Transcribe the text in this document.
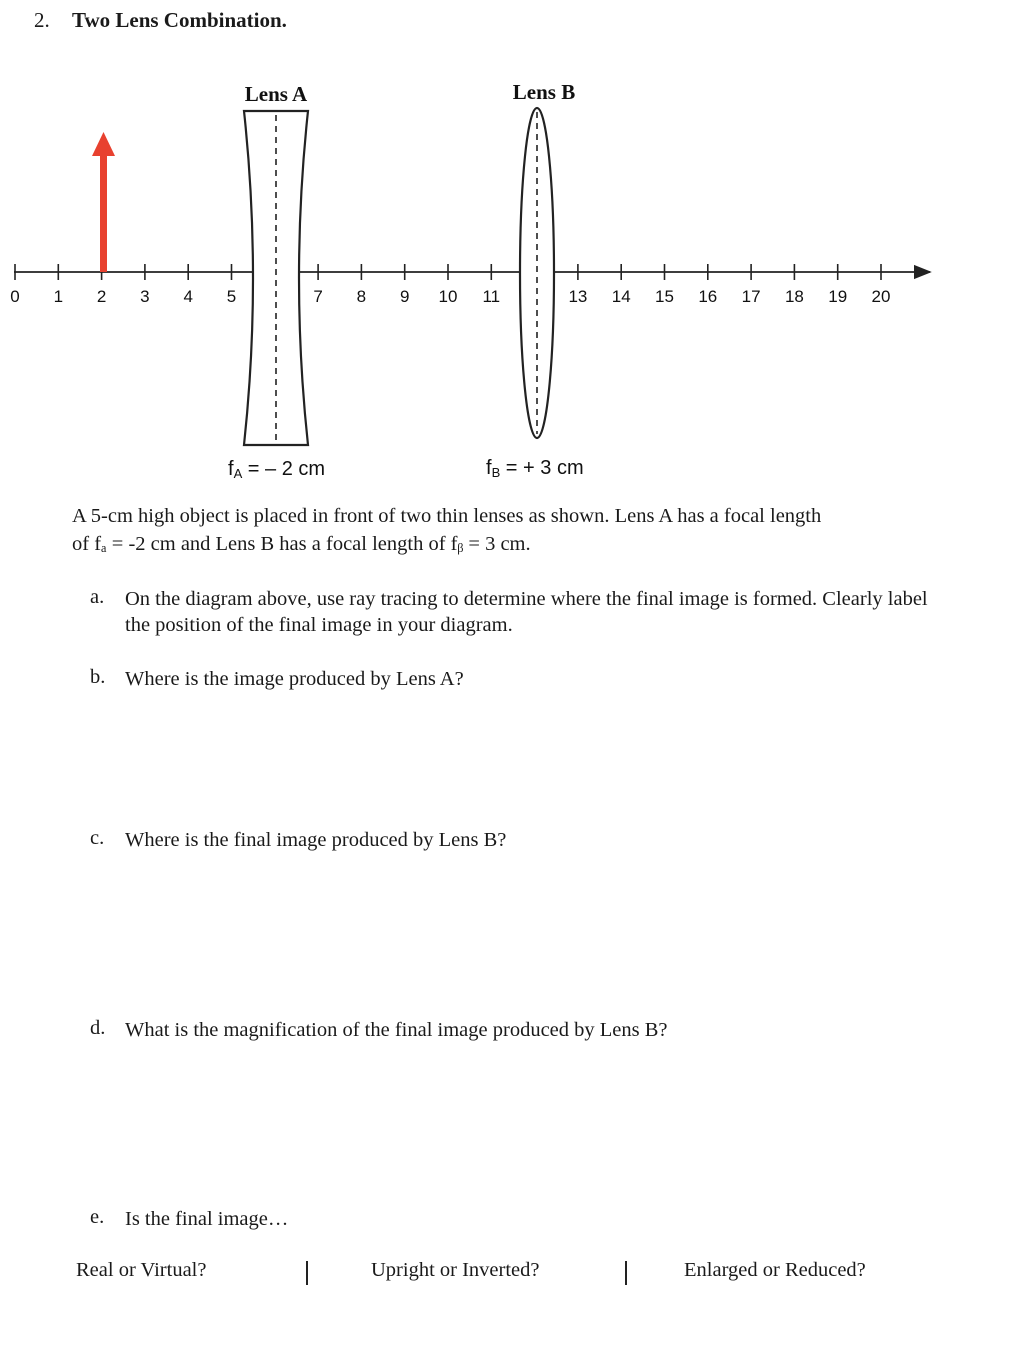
2. Two Lens Combination.
0 1 2 3 4 5	7 8 9 10 11	13 14 15 16 17 18 19 20
Lens A	Lens B
fA = – 2 cm	fB = + 3 cm
A 5-cm high object is placed in front of two thin lenses as shown. Lens A has a focal length
of fₐ = -2 cm and Lens B has a focal length of fᵦ = 3 cm.
a. On the diagram above, use ray tracing to determine where the final image is formed. Clearly label the position of the final image in your diagram.
b. Where is the image produced by Lens A?
c. Where is the final image produced by Lens B?
d. What is the magnification of the final image produced by Lens B?
e. Is the final image…
Real or Virtual?	Upright or Inverted?	Enlarged or Reduced?
